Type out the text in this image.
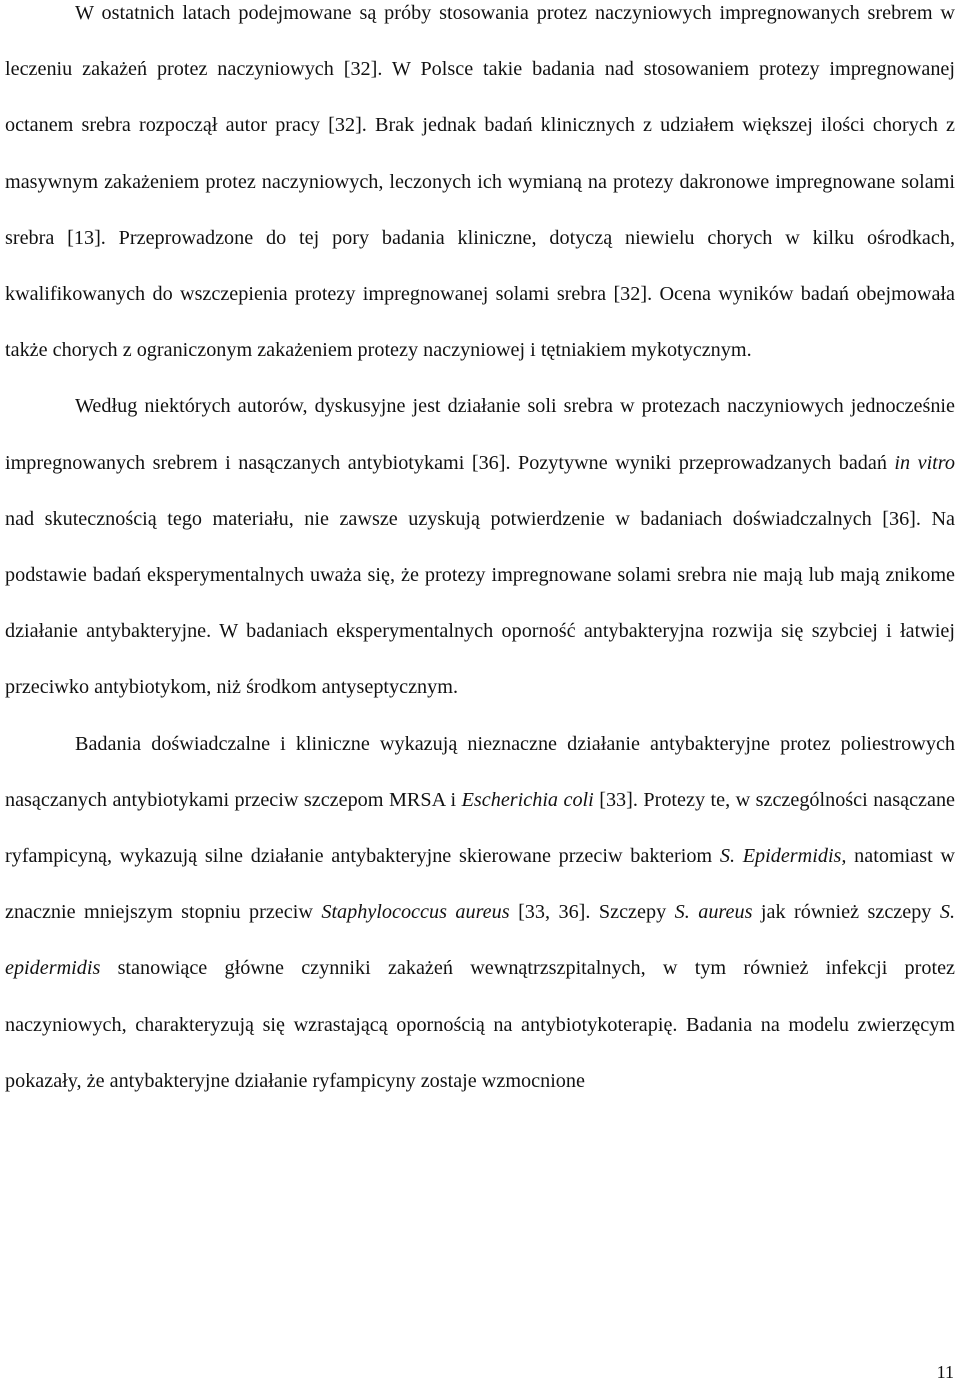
W ostatnich latach podejmowane są próby stosowania protez naczyniowych impregnowanych srebrem w leczeniu zakażeń protez naczyniowych [32]. W Polsce takie badania nad stosowaniem protezy impregnowanej octanem srebra rozpoczął autor pracy [32]. Brak jednak badań klinicznych z udziałem większej ilości chorych z masywnym zakażeniem protez naczyniowych, leczonych ich wymianą na protezy dakronowe impregnowane solami srebra [13]. Przeprowadzone do tej pory badania kliniczne, dotyczą niewielu chorych w kilku ośrodkach, kwalifikowanych do wszczepienia protezy impregnowanej solami srebra [32]. Ocena wyników badań obejmowała także chorych z ograniczonym zakażeniem protezy naczyniowej i tętniakiem mykotycznym.

Według niektórych autorów, dyskusyjne jest działanie soli srebra w protezach naczyniowych jednocześnie impregnowanych srebrem i nasączanych antybiotykami [36]. Pozytywne wyniki przeprowadzanych badań in vitro nad skutecznością tego materiału, nie zawsze uzyskują potwierdzenie w badaniach doświadczalnych [36]. Na podstawie badań eksperymentalnych uważa się, że protezy impregnowane solami srebra nie mają lub mają znikome działanie antybakteryjne. W badaniach eksperymentalnych oporność antybakteryjna rozwija się szybciej i łatwiej przeciwko antybiotykom, niż środkom antyseptycznym.

Badania doświadczalne i kliniczne wykazują nieznaczne działanie antybakteryjne protez poliestrowych nasączanych antybiotykami przeciw szczepom MRSA i Escherichia coli [33]. Protezy te, w szczególności nasączane ryfampicyną, wykazują silne działanie antybakteryjne skierowane przeciw bakteriom S. Epidermidis, natomiast w znacznie mniejszym stopniu przeciw Staphylococcus aureus [33, 36]. Szczepy S. aureus jak również szczepy S. epidermidis stanowiące główne czynniki zakażeń wewnątrzszpitalnych, w tym również infekcji protez naczyniowych, charakteryzują się wzrastającą opornością na antybiotykoterapię. Badania na modelu zwierzęcym pokazały, że antybakteryjne działanie ryfampicyny zostaje wzmocnione

11
